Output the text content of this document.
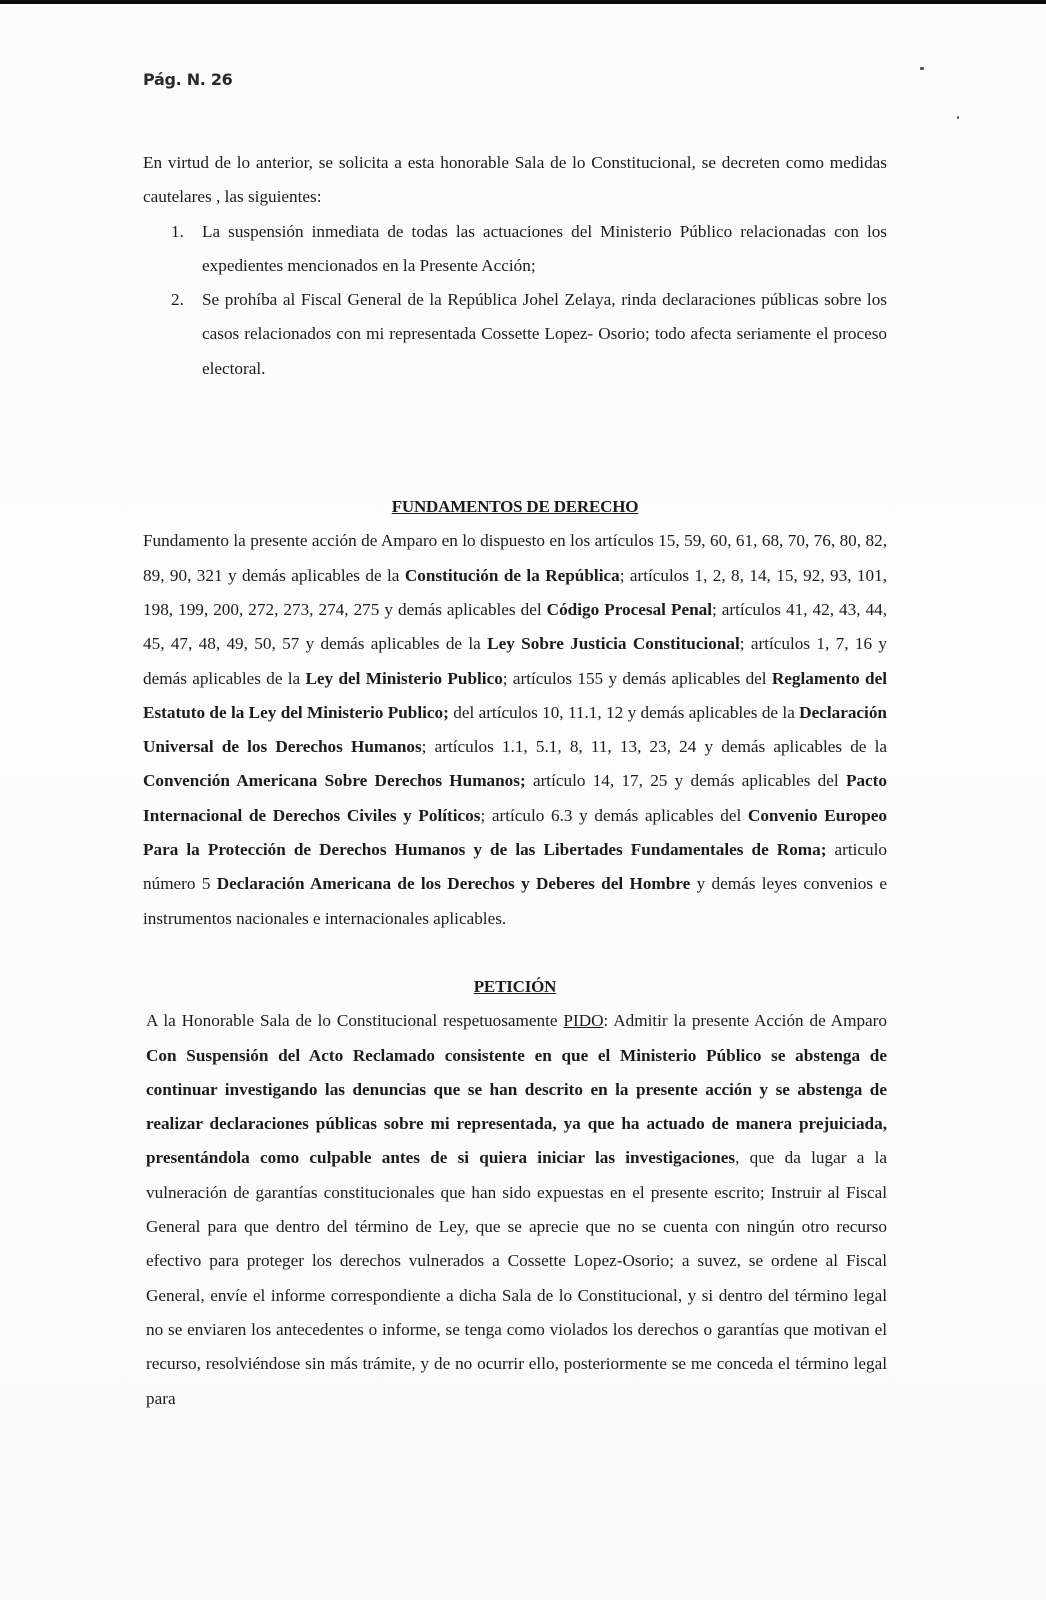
Pág. N. 26

En virtud de lo anterior, se solicita a esta honorable Sala de lo Constitucional, se decreten como medidas cautelares , las siguientes:

1. La suspensión inmediata de todas las actuaciones del Ministerio Público relacionadas con los expedientes mencionados en la Presente Acción;
2. Se prohíba al Fiscal General de la República Johel Zelaya, rinda declaraciones públicas sobre los casos relacionados con mi representada Cossette Lopez- Osorio; todo afecta seriamente el proceso electoral.
FUNDAMENTOS DE DERECHO

Fundamento la presente acción de Amparo en lo dispuesto en los artículos 15, 59, 60, 61, 68, 70, 76, 80, 82, 89, 90, 321 y demás aplicables de la Constitución de la República; artículos 1, 2, 8, 14, 15, 92, 93, 101, 198, 199, 200, 272, 273, 274, 275 y demás aplicables del Código Procesal Penal; artículos 41, 42, 43, 44, 45, 47, 48, 49, 50, 57 y demás aplicables de la Ley Sobre Justicia Constitucional; artículos 1, 7, 16 y demás aplicables de la Ley del Ministerio Publico; artículos 155 y demás aplicables del Reglamento del Estatuto de la Ley del Ministerio Publico; del artículos 10, 11.1, 12 y demás aplicables de la Declaración Universal de los Derechos Humanos; artículos 1.1, 5.1, 8, 11, 13, 23, 24 y demás aplicables de la Convención Americana Sobre Derechos Humanos; artículo 14, 17, 25 y demás aplicables del Pacto Internacional de Derechos Civiles y Políticos; artículo 6.3 y demás aplicables del Convenio Europeo Para la Protección de Derechos Humanos y de las Libertades Fundamentales de Roma; articulo número 5 Declaración Americana de los Derechos y Deberes del Hombre y demás leyes convenios e instrumentos nacionales e internacionales aplicables.

PETICIÓN

A la Honorable Sala de lo Constitucional respetuosamente PIDO: Admitir la presente Acción de Amparo Con Suspensión del Acto Reclamado consistente en que el Ministerio Público se abstenga de continuar investigando las denuncias que se han descrito en la presente acción y se abstenga de realizar declaraciones públicas sobre mi representada, ya que ha actuado de manera prejuiciada, presentándola como culpable antes de si quiera iniciar las investigaciones, que da lugar a la vulneración de garantías constitucionales que han sido expuestas en el presente escrito; Instruir al Fiscal General para que dentro del término de Ley, que se aprecie que no se cuenta con ningún otro recurso efectivo para proteger los derechos vulnerados a Cossette Lopez-Osorio; a suvez, se ordene al Fiscal General, envíe el informe correspondiente a dicha Sala de lo Constitucional, y si dentro del término legal no se enviaren los antecedentes o informe, se tenga como violados los derechos o garantías que motivan el recurso, resolviéndose sin más trámite, y de no ocurrir ello, posteriormente se me conceda el término legal para
